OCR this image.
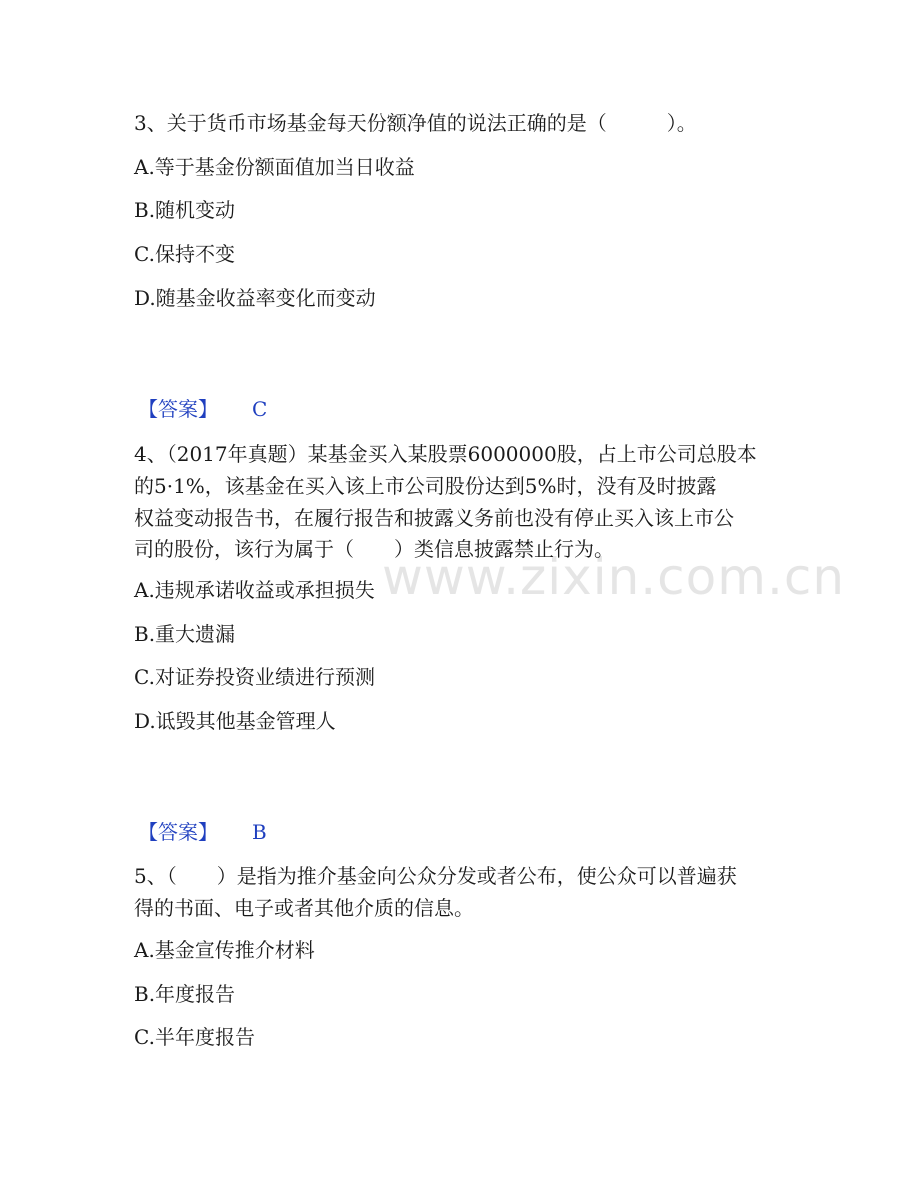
www.zixin.com.cn
3、关于货币市场基金每天份额净值的说法正确的是（　　　）。
A.等于基金份额面值加当日收益
B.随机变动
C.保持不变
D.随基金收益率变化而变动
【答案】 C
4、（2017年真题）某基金买入某股票6000000股，占上市公司总股本
的5·1%，该基金在买入该上市公司股份达到5%时，没有及时披露
权益变动报告书，在履行报告和披露义务前也没有停止买入该上市公
司的股份，该行为属于（　　）类信息披露禁止行为。
A.违规承诺收益或承担损失
B.重大遗漏
C.对证券投资业绩进行预测
D.诋毁其他基金管理人
【答案】 B
5、（　　）是指为推介基金向公众分发或者公布，使公众可以普遍获
得的书面、电子或者其他介质的信息。
A.基金宣传推介材料
B.年度报告
C.半年度报告
